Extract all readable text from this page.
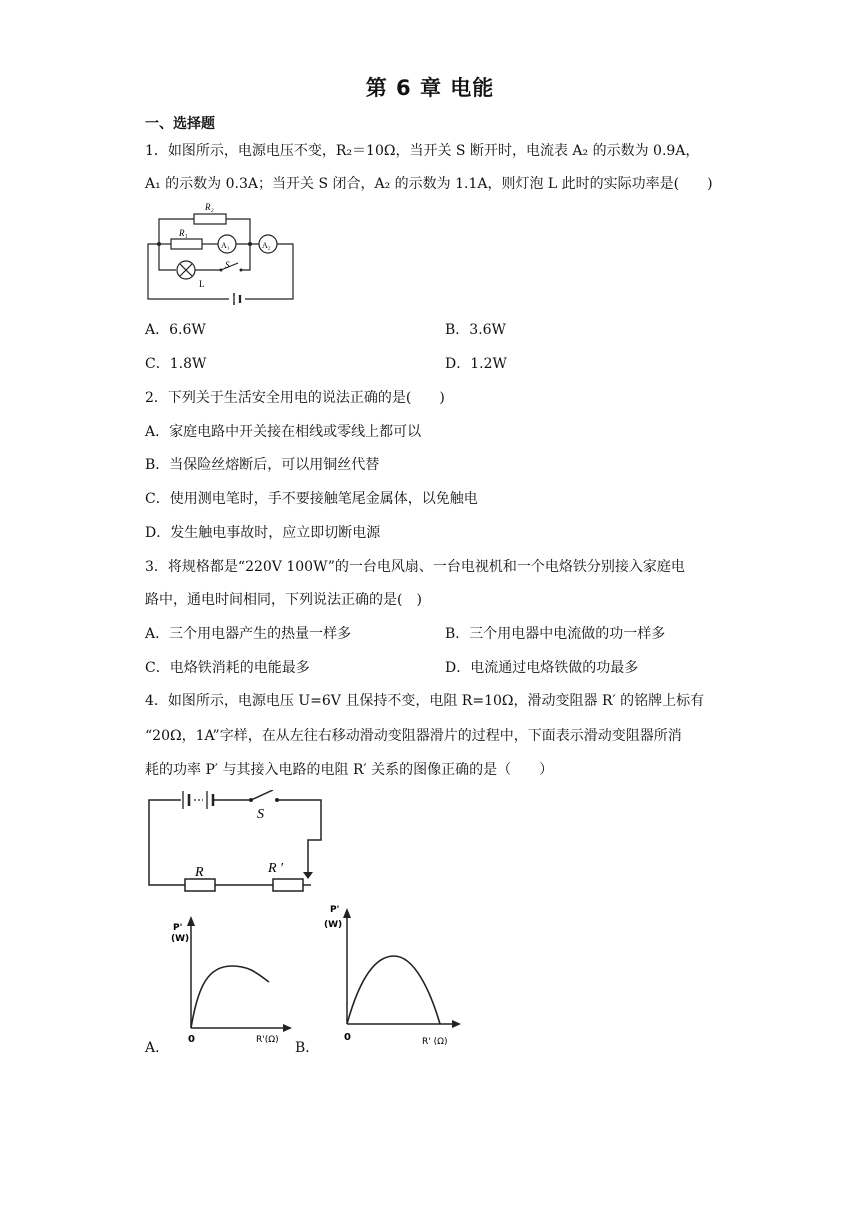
第 6 章 电能
一、选择题
1．如图所示，电源电压不变，R₂＝10Ω，当开关 S 断开时，电流表 A₂ 的示数为 0.9A，
A₁ 的示数为 0.3A；当开关 S 闭合，A₂ 的示数为 1.1A，则灯泡 L 此时的实际功率是(　　)
R₂
R₁
A₁	A₂
S
L
A．6.6W	B．3.6W
C．1.8W	D．1.2W
2．下列关于生活安全用电的说法正确的是(　　)
A．家庭电路中开关接在相线或零线上都可以
B．当保险丝熔断后，可以用铜丝代替
C．使用测电笔时，手不要接触笔尾金属体，以免触电
D．发生触电事故时，应立即切断电源
3．将规格都是“220V 100W”的一台电风扇、一台电视机和一个电烙铁分别接入家庭电
路中，通电时间相同，下列说法正确的是(　)
A．三个用电器产生的热量一样多	B．三个用电器中电流做的功一样多
C．电烙铁消耗的电能最多	D．电流通过电烙铁做的功最多
4．如图所示，电源电压 U=6V 且保持不变，电阻 R=10Ω，滑动变阻器 R′ 的铭牌上标有
“20Ω，1A”字样，在从左往右移动滑动变阻器滑片的过程中，下面表示滑动变阻器所消
耗的功率 P′ 与其接入电路的电阻 R′ 关系的图像正确的是（　　）
S
R	R ′
P'
(W)
0	R'(Ω)
P'
(W)
0	R' (Ω)
A．	B．
